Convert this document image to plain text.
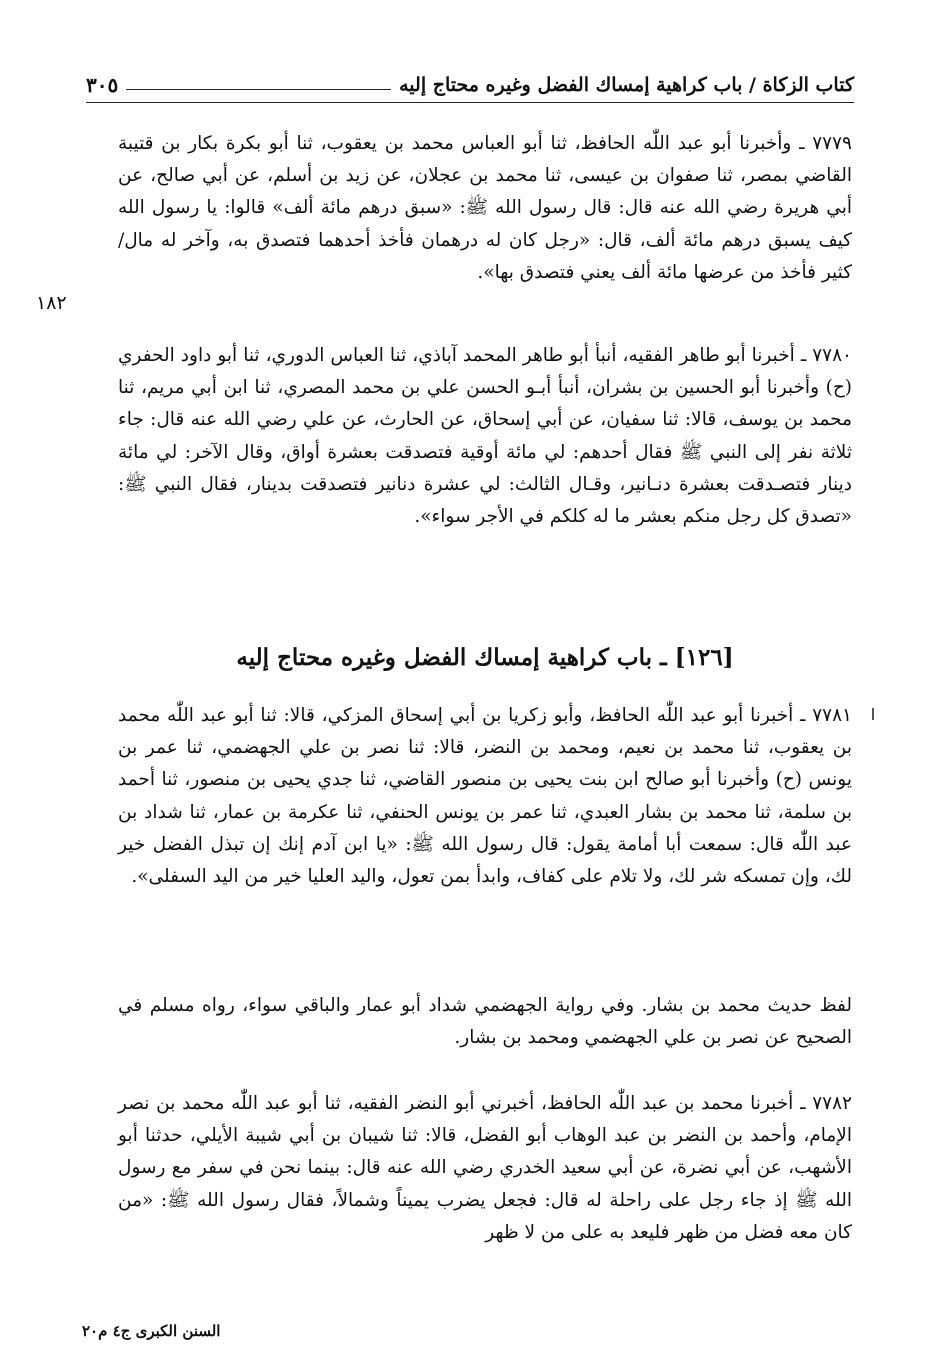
كتاب الزكاة / باب كراهية إمساك الفضل وغيره محتاج إليه
٣٠٥

٧٧٧٩ ـ وأخبرنا أبو عبد اللّٰه الحافظ، ثنا أبو العباس محمد بن يعقوب، ثنا أبو بكرة بكار بن قتيبة القاضي بمصر، ثنا صفوان بن عيسى، ثنا محمد بن عجلان، عن زيد بن أسلم، عن أبي صالح، عن أبي هريرة رضي الله عنه قال: قال رسول الله ﷺ: «سبق درهم مائة ألف» قالوا: يا رسول الله كيف يسبق درهم مائة ألف، قال: «رجل كان له درهمان فأخذ أحدهما فتصدق به، وآخر له مال/ كثير فأخذ من عرضها مائة ألف يعني فتصدق بها».

١٨٢

٧٧٨٠ ـ أخبرنا أبو طاهر الفقيه، أنبأ أبو طاهر المحمد آباذي، ثنا العباس الدوري، ثنا أبو داود الحفري (ح) وأخبرنا أبو الحسين بن بشران، أنبأ أبـو الحسن علي بن محمد المصري، ثنا ابن أبي مريم، ثنا محمد بن يوسف، قالا: ثنا سفيان، عن أبي إسحاق، عن الحارث، عن علي رضي الله عنه قال: جاء ثلاثة نفر إلى النبي ﷺ فقال أحدهم: لي مائة أوقية فتصدقت بعشرة أواق، وقال الآخر: لي مائة دينار فتصـدقت بعشرة دنـانير، وقـال الثالث: لي عشرة دنانير فتصدقت بدينار، فقال النبي ﷺ: «تصدق كل رجل منكم بعشر ما له كلكم في الأجر سواء».

[١٢٦] ـ باب كراهية إمساك الفضل وغيره محتاج إليه

٧٧٨١ ـ أخبرنا أبو عبد اللّٰه الحافظ، وأبو زكريا بن أبي إسحاق المزكي، قالا: ثنا أبو عبد اللّٰه محمد بن يعقوب، ثنا محمد بن نعيم، ومحمد بن النضر، قالا: ثنا نصر بن علي الجهضمي، ثنا عمر بن يونس (ح) وأخبرنا أبو صالح ابن بنت يحيى بن منصور القاضي، ثنا جدي يحيى بن منصور، ثنا أحمد بن سلمة، ثنا محمد بن بشار العبدي، ثنا عمر بن يونس الحنفي، ثنا عكرمة بن عمار، ثنا شداد بن عبد اللّٰه قال: سمعت أبا أمامة يقول: قال رسول الله ﷺ: «يا ابن آدم إنك إن تبذل الفضل خير لك، وإن تمسكه شر لك، ولا تلام على كفاف، وابدأ بمن تعول، واليد العليا خير من اليد السفلى».

لفظ حديث محمد بن بشار. وفي رواية الجهضمي شداد أبو عمار والباقي سواء، رواه مسلم في الصحيح عن نصر بن علي الجهضمي ومحمد بن بشار.

٧٧٨٢ ـ أخبرنا محمد بن عبد اللّٰه الحافظ، أخبرني أبو النضر الفقيه، ثنا أبو عبد اللّٰه محمد بن نصر الإمام، وأحمد بن النضر بن عبد الوهاب أبو الفضل، قالا: ثنا شيبان بن أبي شيبة الأيلي، حدثنا أبو الأشهب، عن أبي نضرة، عن أبي سعيد الخدري رضي الله عنه قال: بينما نحن في سفر مع رسول الله ﷺ إذ جاء رجل على راحلة له قال: فجعل يضرب يميناً وشمالاً، فقال رسول الله ﷺ: «من كان معه فضل من ظهر فليعد به على من لا ظهر

السنن الكبرى ج٤ م٢٠
